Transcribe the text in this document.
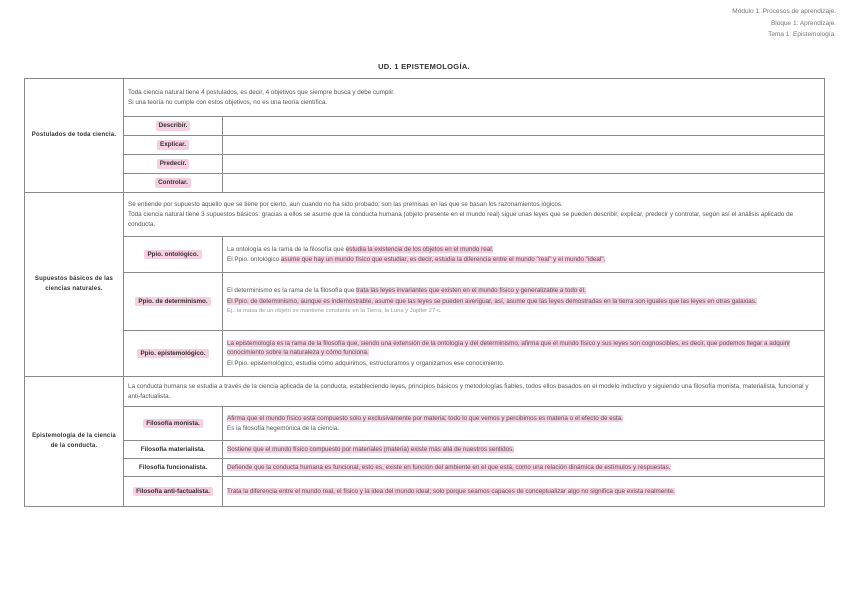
Módulo 1: Procesos de aprendizaje.
Bloque 1: Aprendizaje.
Tema 1: Epistemología.
UD. 1 EPISTEMOLOGÍA.
Postulados de toda ciencia.	Toda ciencia natural tiene 4 postulados, es decir, 4 objetivos que siempre busca y debe cumplir.

Si una teoría no cumple con estos objetivos, no es una teoría científica.	

	Describir.	
	Explicar.	
	Predecir.	
	Controlar.	
Supuestos básicos de las ciencias naturales.	Se entiende por supuesto aquello que se tiene por cierto, aun cuando no ha sido probado; son las premisas en las que se basan los razonamientos lógicos.

Toda ciencia natural tiene 3 supuestos básicos: gracias a ellos se asume que la conducta humana (objeto presente en el mundo real) sigue unas leyes que se pueden describir, explicar, predecir y controlar, según así el análisis aplicado de conducta.	

	Ppio. ontológico.	La ontología es la rama de la filosofía que estudia la existencia de los objetos en el mundo real.

El Ppio. ontológico asume que hay un mundo físico que estudiar, es decir, estudia la diferencia entre el mundo "real" y el mundo "ideal".

	Ppio. de determinismo.	El determinismo es la rama de la filosofía que trata las leyes invariantes que existen en el mundo físico y generalizable a todo él.

El Ppio. de determinismo, aunque es indemostrable, asume que las leyes se pueden averiguar, así, asume que las leyes demostradas en la tierra son iguales que las leyes en otras galaxias.

Ej.: la masa de un objeto se mantiene constante en la Tierra, la Luna y Júpiter 27-c.

	Ppio. epistemológico.	La epistemología es la rama de la filosofía que, siendo una extensión de la ontología y del determinismo, afirma que el mundo físico y sus leyes son cognoscibles, es decir, que podemos llegar a adquirir conocimiento sobre la naturaleza y cómo funciona.

El Ppio. epistemológico, estudia cómo adquirimos, estructuramos y organizamos ese conocimiento.

Epistemología de la ciencia de la conducta.	La conducta humana se estudia a través de la ciencia aplicada de la conducta, estableciendo leyes, principios básicos y metodologías fiables, todos ellos basados en el modelo inductivo y siguiendo una filosofía monista, materialista, funcional y anti-factualista.	
	Filosofía monista.	Afirma que el mundo físico está compuesto solo y exclusivamente por materia; todo lo que vemos y percibimos es materia o el efecto de esta.

Es la filosofía hegemónica de la ciencia.

	Filosofía materialista.	Sostiene que el mundo físico compuesto por materiales (materia) existe más allá de nuestros sentidos.
	Filosofía funcionalista.	Defiende que la conducta humana es funcional, esto es, existe en función del ambiente en el que está, como una relación dinámica de estímulos y respuestas.
	Filosofía anti-factualista.	Trata la diferencia entre el mundo real, el físico y la idea del mundo ideal; solo porque seamos capaces de conceptualizar algo no significa que exista realmente.
